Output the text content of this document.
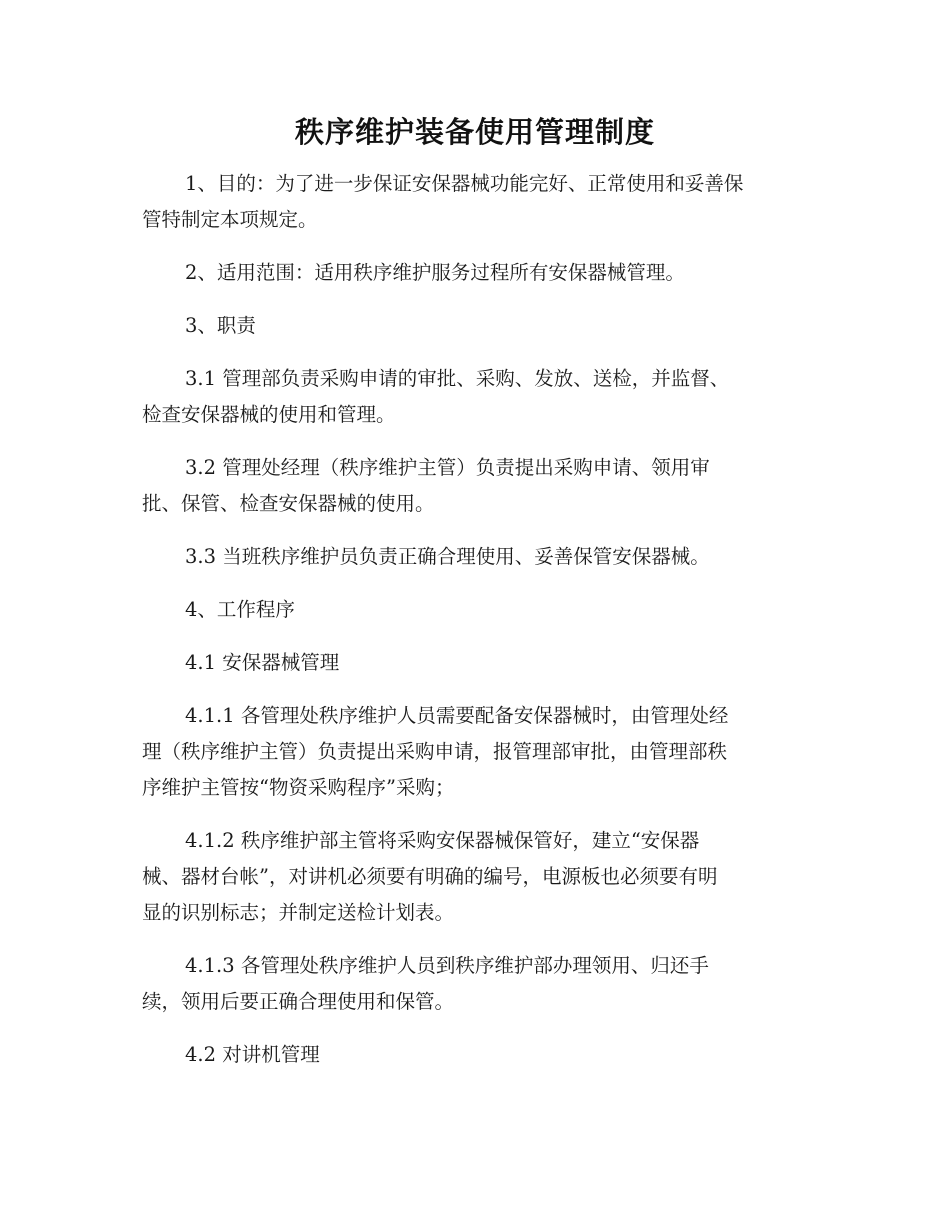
秩序维护装备使用管理制度

1、目的：为了进一步保证安保器械功能完好、正常使用和妥善保
管特制定本项规定。

2、适用范围：适用秩序维护服务过程所有安保器械管理。

3、职责

3.1 管理部负责采购申请的审批、采购、发放、送检，并监督、
检查安保器械的使用和管理。

3.2 管理处经理（秩序维护主管）负责提出采购申请、领用审
批、保管、检查安保器械的使用。

3.3 当班秩序维护员负责正确合理使用、妥善保管安保器械。

4、工作程序

4.1 安保器械管理

4.1.1 各管理处秩序维护人员需要配备安保器械时，由管理处经
理（秩序维护主管）负责提出采购申请，报管理部审批，由管理部秩
序维护主管按“物资采购程序”采购；

4.1.2 秩序维护部主管将采购安保器械保管好，建立“安保器
械、器材台帐”，对讲机必须要有明确的编号，电源板也必须要有明
显的识别标志；并制定送检计划表。

4.1.3 各管理处秩序维护人员到秩序维护部办理领用、归还手
续，领用后要正确合理使用和保管。

4.2 对讲机管理
